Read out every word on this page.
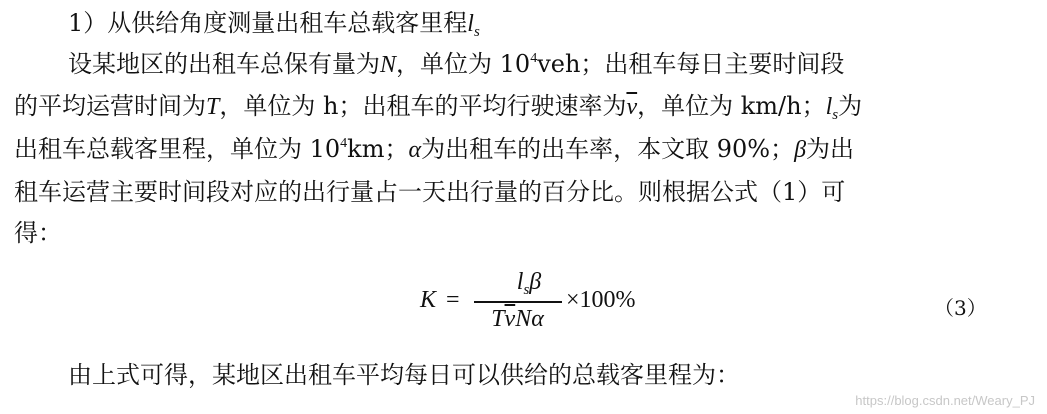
1）从供给角度测量出租车总载客里程$l_s$
设某地区的出租车总保有量为N，单位为 $10^4veh$；出租车每日主要时间段
的平均运营时间为T，单位为 h；出租车的平均行驶速率为$\overline{v}$，单位为 km/h；$l_s$为
出租车总载客里程，单位为 $10^4km$；α为出租车的出车率，本文取 90%；β为出
租车运营主要时间段对应的出行量占一天出行量的百分比。则根据公式（1）可
得：
K =
$l_s\beta$
$T\overline{v}N\alpha$
×100%	（3）
由上式可得，某地区出租车平均每日可以供给的总载客里程为：
https://blog.csdn.net/Weary_PJ
